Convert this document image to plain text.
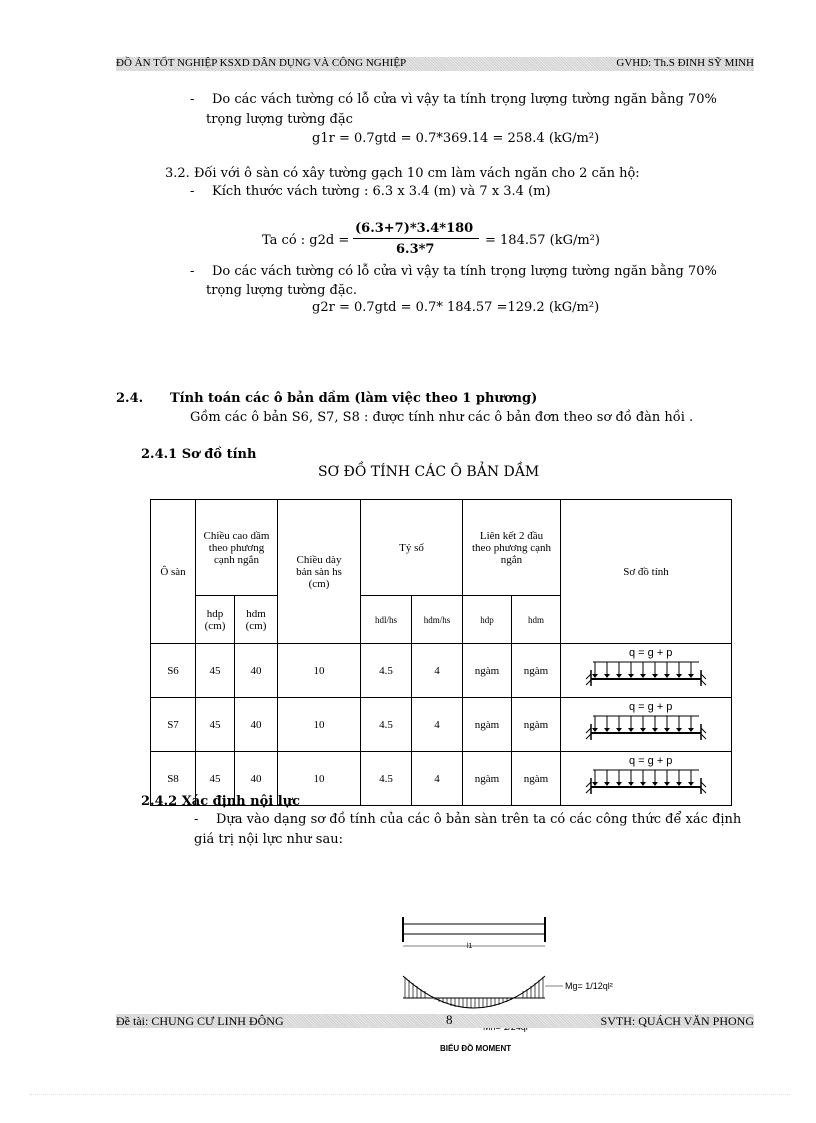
ĐỒ ÁN TỐT NGHIỆP KSXD DÂN DỤNG VÀ CÔNG NGHIỆP	GVHD: Th.S ĐINH SỸ MINH
- Do các vách tường có lỗ cửa vì vậy ta tính trọng lượng tường ngăn bằng 70%
trọng lượng tường đặc
g1r = 0.7gtd = 0.7*369.14 = 258.4 (kG/m²)
3.2. Đối với ô sàn có xây tường gạch 10 cm làm vách ngăn cho 2 căn hộ:
- Kích thước vách tường : 6.3 x 3.4 (m) và 7 x 3.4 (m)
Ta có : g2d =
(6.3+7)*3.4*180
6.3*7
= 184.57 (kG/m²)
- Do các vách tường có lỗ cửa vì vậy ta tính trọng lượng tường ngăn bằng 70%
trọng lượng tường đặc.
g2r = 0.7gtd = 0.7* 184.57 =129.2 (kG/m²)
2.4. Tính toán các ô bản dầm (làm việc theo 1 phương)
Gồm các ô bản S6, S7, S8 : được tính như các ô bản đơn theo sơ đồ đàn hồi .
2.4.1 Sơ đồ tính
SƠ ĐỒ TÍNH CÁC Ô BẢN DẦM
Ô sàn	Chiều cao dầm theo phương cạnh ngắn		Chiều dày bản sàn hs (cm)	Tỷ số		Liên kết 2 đầu theo phương cạnh ngắn		Sơ đồ tính
	hdp (cm)	hdm (cm)		hdl/hs	hdm/hs	hdp	hdm	
S6	45	40	10	4.5	4	ngàm	ngàm	q = g + p

S7	45	40	10	4.5	4	ngàm	ngàm	q = g + p

S8	45	40	10	4.5	4	ngàm	ngàm	q = g + p
2.4.2 Xác định nội lực
- Dựa vào dạng sơ đồ tính của các ô bản sàn trên ta có các công thức để xác định
giá trị nội lực như sau:
l1
Mg= 1/12ql²
Đề tài: CHUNG CƯ LINH ĐÔNG	8	SVTH: QUÁCH VĂN PHONG
BIỂU ĐỒ MOMENT
